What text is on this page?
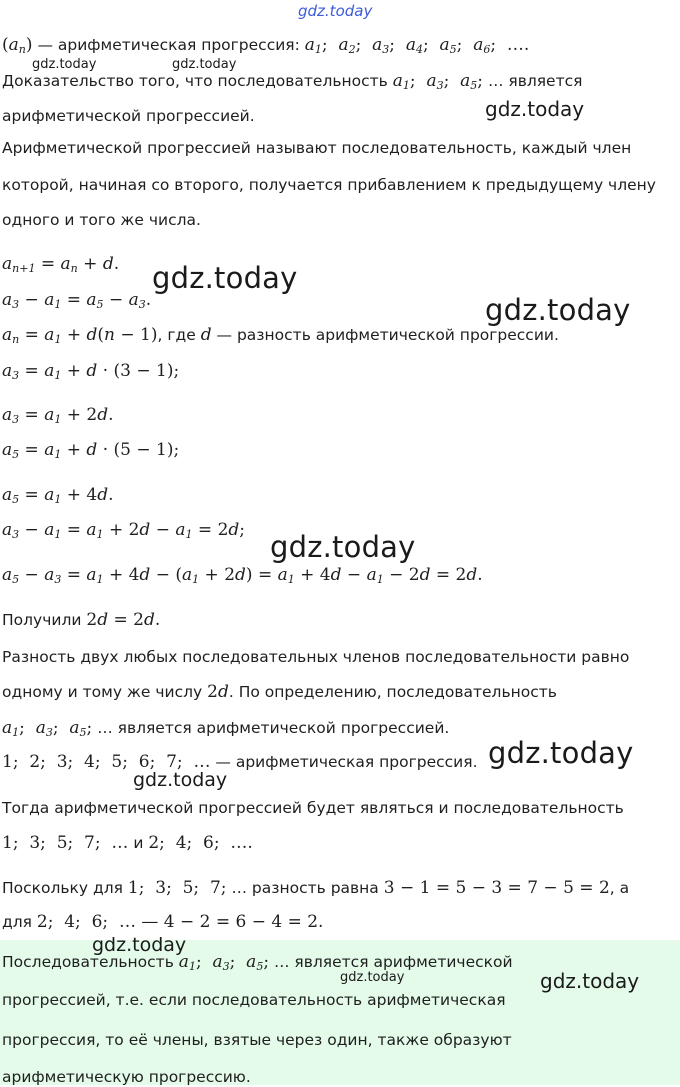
gdz.today
gdz.today	gdz.today
gdz.today
gdz.today
gdz.today
gdz.today
gdz.today
gdz.today
gdz.today
gdz.today	gdz.today
$(a_n)$ — арифметическая прогрессия: $a_1$;  $a_2$;  $a_3$;  $a_4$;  $a_5$;  $a_6$;  ….
Доказательство того, что последовательность $a_1$;  $a_3$;  $a_5$; … является
арифметической прогрессией.
Арифметической прогрессией называют последовательность, каждый член
которой, начиная со второго, получается прибавлением к предыдущему члену
одного и того же числа.
$a_{n+1} = a_n + d$.
$a_3 - a_1 = a_5 - a_3$.
$a_n = a_1 + d(n - 1)$, где d — разность арифметической прогрессии.
$a_3 = a_1 + d \cdot (3 - 1)$;
$a_3 = a_1 + 2d$.
$a_5 = a_1 + d \cdot (5 - 1)$;
$a_5 = a_1 + 4d$.
$a_3 - a_1 = a_1 + 2d - a_1 = 2d$;
$a_5 - a_3 = a_1 + 4d - (a_1 + 2d) = a_1 + 4d - a_1 - 2d = 2d$.
Получили 2d = 2d.
Разность двух любых последовательных членов последовательности равно
одному и тому же числу 2d. По определению, последовательность
$a_1$;  $a_3$;  $a_5$; … является арифметической прогрессией.
1;  2;  3;  4;  5;  6;  7;  … — арифметическая прогрессия.
Тогда арифметической прогрессией будет являться и последовательность
1;  3;  5;  7;  … и 2;  4;  6;  ….
Поскольку для 1;  3;  5;  7; … разность равна 3 − 1 = 5 − 3 = 7 − 5 = 2, а
для 2;  4;  6;  … — 4 − 2 = 6 − 4 = 2.
Последовательность $a_1$;  $a_3$;  $a_5$; … является арифметической
прогрессией, т.е. если последовательность арифметическая
прогрессия, то её члены, взятые через один, также образуют
арифметическую прогрессию.
